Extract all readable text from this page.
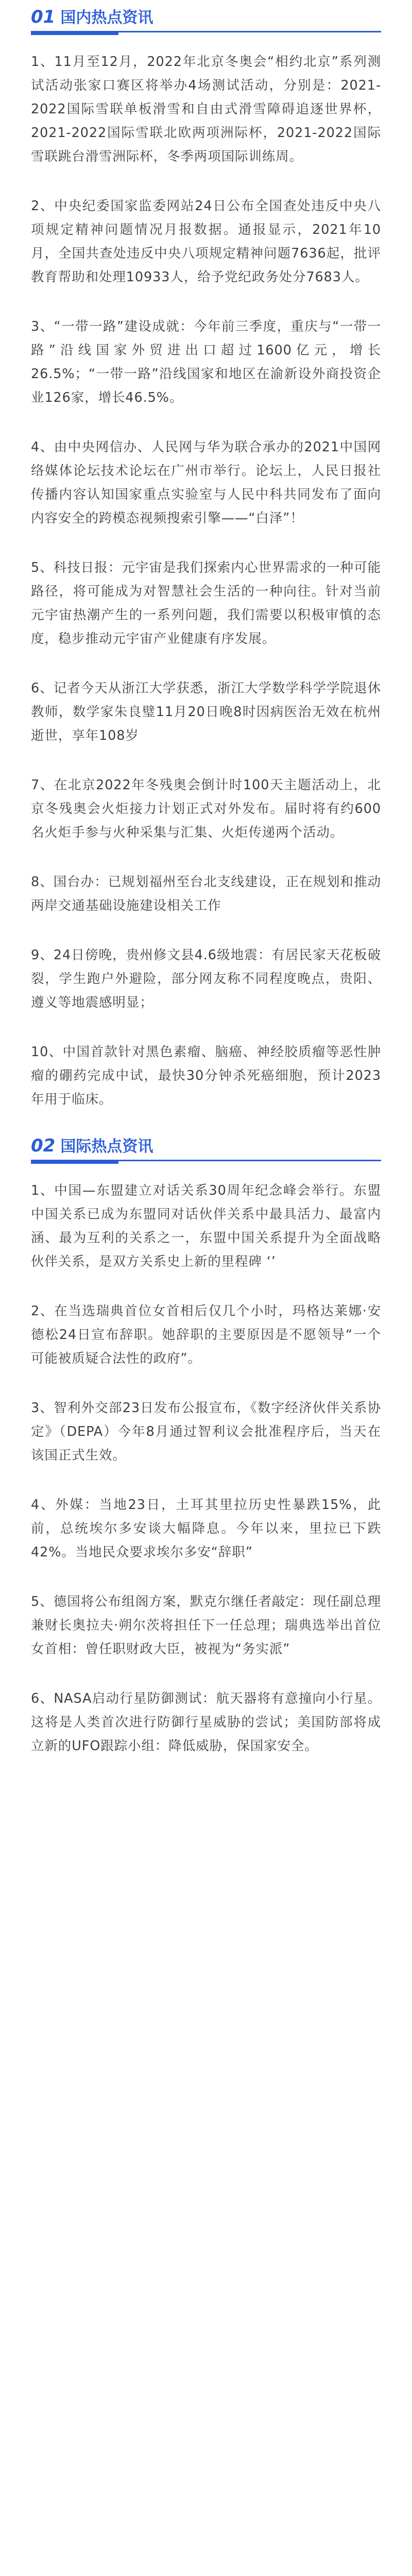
01 国内热点资讯

1、11月至12月，2022年北京冬奥会“相约北京”系列测试活动张家口赛区将举办4场测试活动，分别是：2021-2022国际雪联单板滑雪和自由式滑雪障碍追逐世界杯，2021-2022国际雪联北欧两项洲际杯，2021-2022国际雪联跳台滑雪洲际杯，冬季两项国际训练周。

2、中央纪委国家监委网站24日公布全国查处违反中央八项规定精神问题情况月报数据。通报显示，2021年10月，全国共查处违反中央八项规定精神问题7636起，批评教育帮助和处理10933人，给予党纪政务处分7683人。

3、“一带一路”建设成就：今年前三季度，重庆与“一带一路”沿线国家外贸进出口超过1600亿元，增长26.5%；“一带一路”沿线国家和地区在渝新设外商投资企业126家，增长46.5%。

4、由中央网信办、人民网与华为联合承办的2021中国网络媒体论坛技术论坛在广州市举行。论坛上，人民日报社传播内容认知国家重点实验室与人民中科共同发布了面向内容安全的跨模态视频搜索引擎——“白泽”！

5、科技日报：元宇宙是我们探索内心世界需求的一种可能路径，将可能成为对智慧社会生活的一种向往。针对当前元宇宙热潮产生的一系列问题，我们需要以积极审慎的态度，稳步推动元宇宙产业健康有序发展。

6、记者今天从浙江大学获悉，浙江大学数学科学学院退休教师，数学家朱良璧11月20日晚8时因病医治无效在杭州逝世，享年108岁

7、在北京2022年冬残奥会倒计时100天主题活动上，北京冬残奥会火炬接力计划正式对外发布。届时将有约600名火炬手参与火种采集与汇集、火炬传递两个活动。

8、国台办：已规划福州至台北支线建设，正在规划和推动两岸交通基础设施建设相关工作

9、24日傍晚，贵州修文县4.6级地震：有居民家天花板破裂，学生跑户外避险，部分网友称不同程度晚点，贵阳、遵义等地震感明显；

10、中国首款针对黑色素瘤、脑癌、神经胶质瘤等恶性肿瘤的硼药完成中试，最快30分钟杀死癌细胞，预计2023年用于临床。

02 国际热点资讯

1、中国—东盟建立对话关系30周年纪念峰会举行。东盟中国关系已成为东盟同对话伙伴关系中最具活力、最富内涵、最为互利的关系之一，东盟中国关系提升为全面战略伙伴关系，是双方关系史上新的里程碑 ‘’

2、在当选瑞典首位女首相后仅几个小时，玛格达莱娜·安德松24日宣布辞职。她辞职的主要原因是不愿领导“一个可能被质疑合法性的政府”。

3、智利外交部23日发布公报宣布，《数字经济伙伴关系协定》（DEPA）今年8月通过智利议会批准程序后，当天在该国正式生效。

4、外媒：当地23日，土耳其里拉历史性暴跌15%，此前，总统埃尔多安谈大幅降息。今年以来，里拉已下跌42%。当地民众要求埃尔多安“辞职”

5、德国将公布组阁方案，默克尔继任者敲定：现任副总理兼财长奥拉夫·朔尔茨将担任下一任总理；瑞典选举出首位女首相：曾任职财政大臣，被视为“务实派”

6、NASA启动行星防御测试：航天器将有意撞向小行星。这将是人类首次进行防御行星威胁的尝试；美国防部将成立新的UFO跟踪小组：降低威胁，保国家安全。
